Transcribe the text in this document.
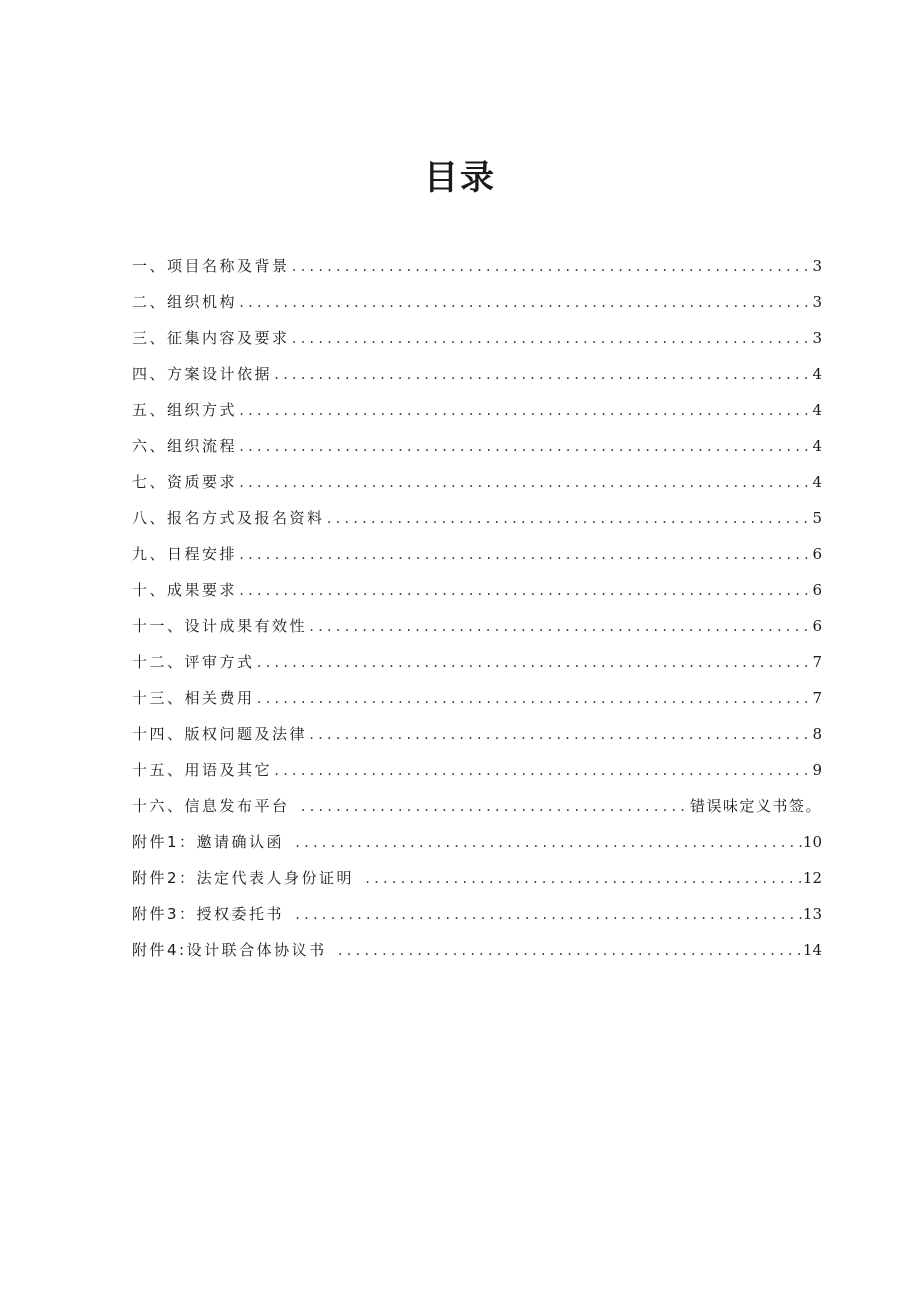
目录
一、项目名称及背景 .....	3
二、组织机构 .....	3
三、征集内容及要求 .....	3
四、方案设计依据 .....	4
五、组织方式 .....	4
六、组织流程 .....	4
七、资质要求 .....	4
八、报名方式及报名资料 .....	5
九、日程安排 .....	6
十、成果要求 .....	6
十一、设计成果有效性 .....	6
十二、评审方式 .....	7
十三、相关费用 .....	7
十四、版权问题及法律 .....	8
十五、用语及其它 .....	9
十六、信息发布平台 .....	错误味定义书签。
附件1：邀请确认函 .....	10
附件2：法定代表人身份证明 .....	12
附件3：授权委托书 .....	13
附件4:设计联合体协议书 .....	14
